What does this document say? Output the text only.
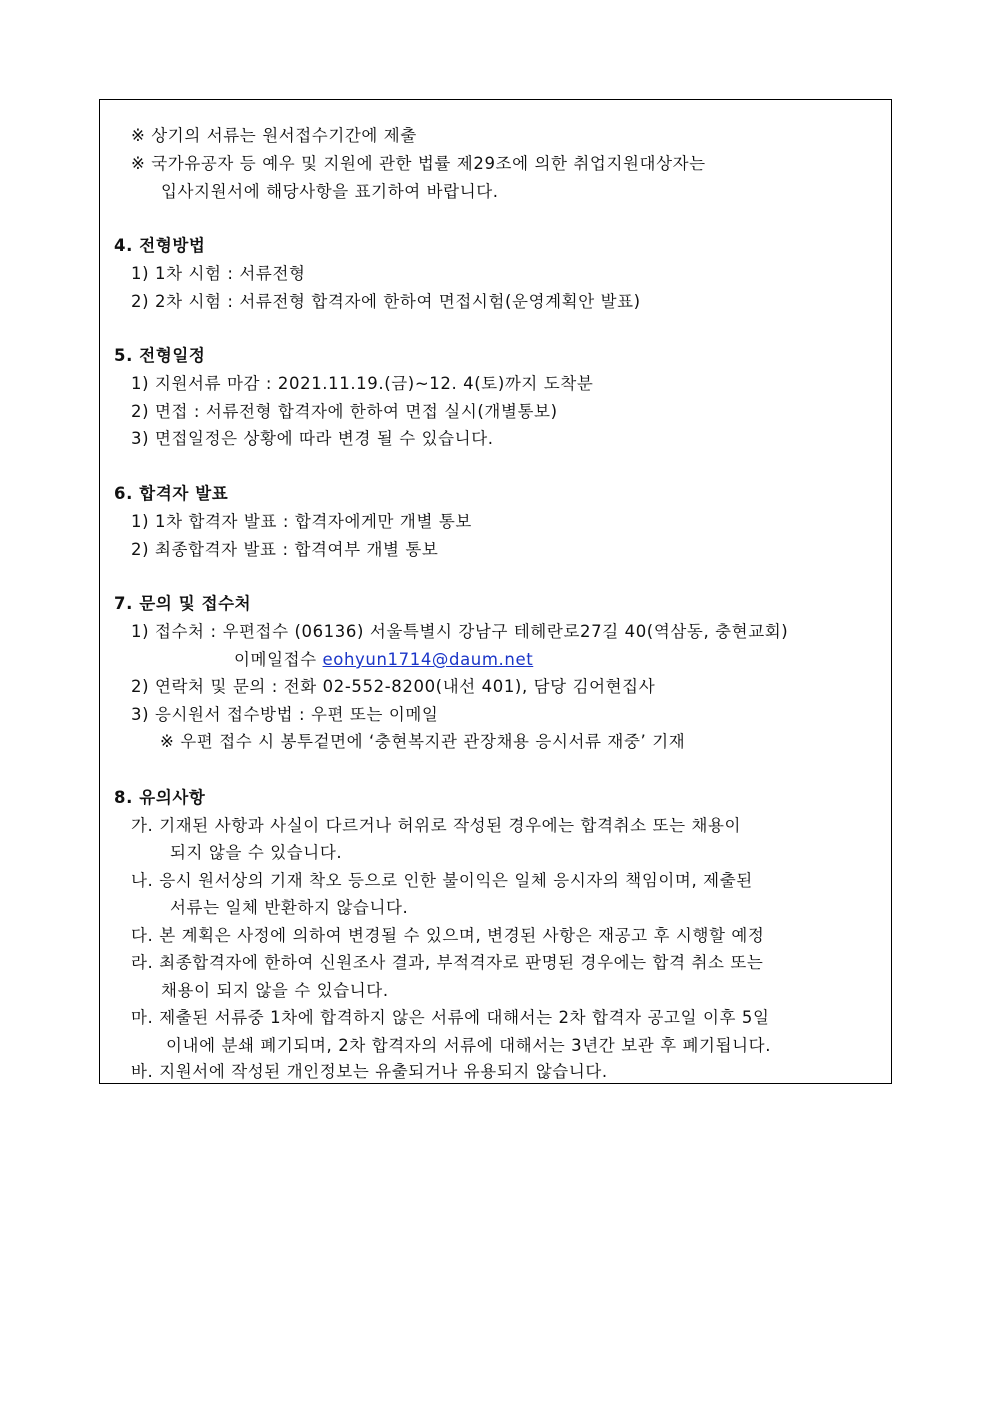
※ 상기의 서류는 원서접수기간에 제출
※ 국가유공자 등 예우 및 지원에 관한 법률 제29조에 의한 취업지원대상자는
입사지원서에 해당사항을 표기하여 바랍니다.
4. 전형방법
1) 1차 시험 : 서류전형
2) 2차 시험 : 서류전형 합격자에 한하여 면접시험(운영계획안 발표)
5. 전형일정
1) 지원서류 마감 : 2021.11.19.(금)~12. 4(토)까지 도착분
2) 면접 : 서류전형 합격자에 한하여 면접 실시(개별통보)
3) 면접일정은 상황에 따라 변경 될 수 있습니다.
6. 합격자 발표
1) 1차 합격자 발표 : 합격자에게만 개별 통보
2) 최종합격자 발표 : 합격여부 개별 통보
7. 문의 및 접수처
1) 접수처 : 우편접수 (06136) 서울특별시 강남구 테헤란로27길 40(역삼동, 충현교회)
이메일접수 eohyun1714@daum.net
2) 연락처 및 문의 : 전화 02-552-8200(내선 401), 담당 김어현집사
3) 응시원서 접수방법 : 우편 또는 이메일
※ 우편 접수 시 봉투겉면에 ‘충현복지관 관장채용 응시서류 재중’ 기재
8. 유의사항
가. 기재된 사항과 사실이 다르거나 허위로 작성된 경우에는 합격취소 또는 채용이
되지 않을 수 있습니다.
나. 응시 원서상의 기재 착오 등으로 인한 불이익은 일체 응시자의 책임이며, 제출된
서류는 일체 반환하지 않습니다.
다. 본 계획은 사정에 의하여 변경될 수 있으며, 변경된 사항은 재공고 후 시행할 예정
라. 최종합격자에 한하여 신원조사 결과, 부적격자로 판명된 경우에는 합격 취소 또는
채용이 되지 않을 수 있습니다.
마. 제출된 서류중 1차에 합격하지 않은 서류에 대해서는 2차 합격자 공고일 이후 5일
이내에 분쇄 폐기되며, 2차 합격자의 서류에 대해서는 3년간 보관 후 폐기됩니다.
바. 지원서에 작성된 개인정보는 유출되거나 유용되지 않습니다.
